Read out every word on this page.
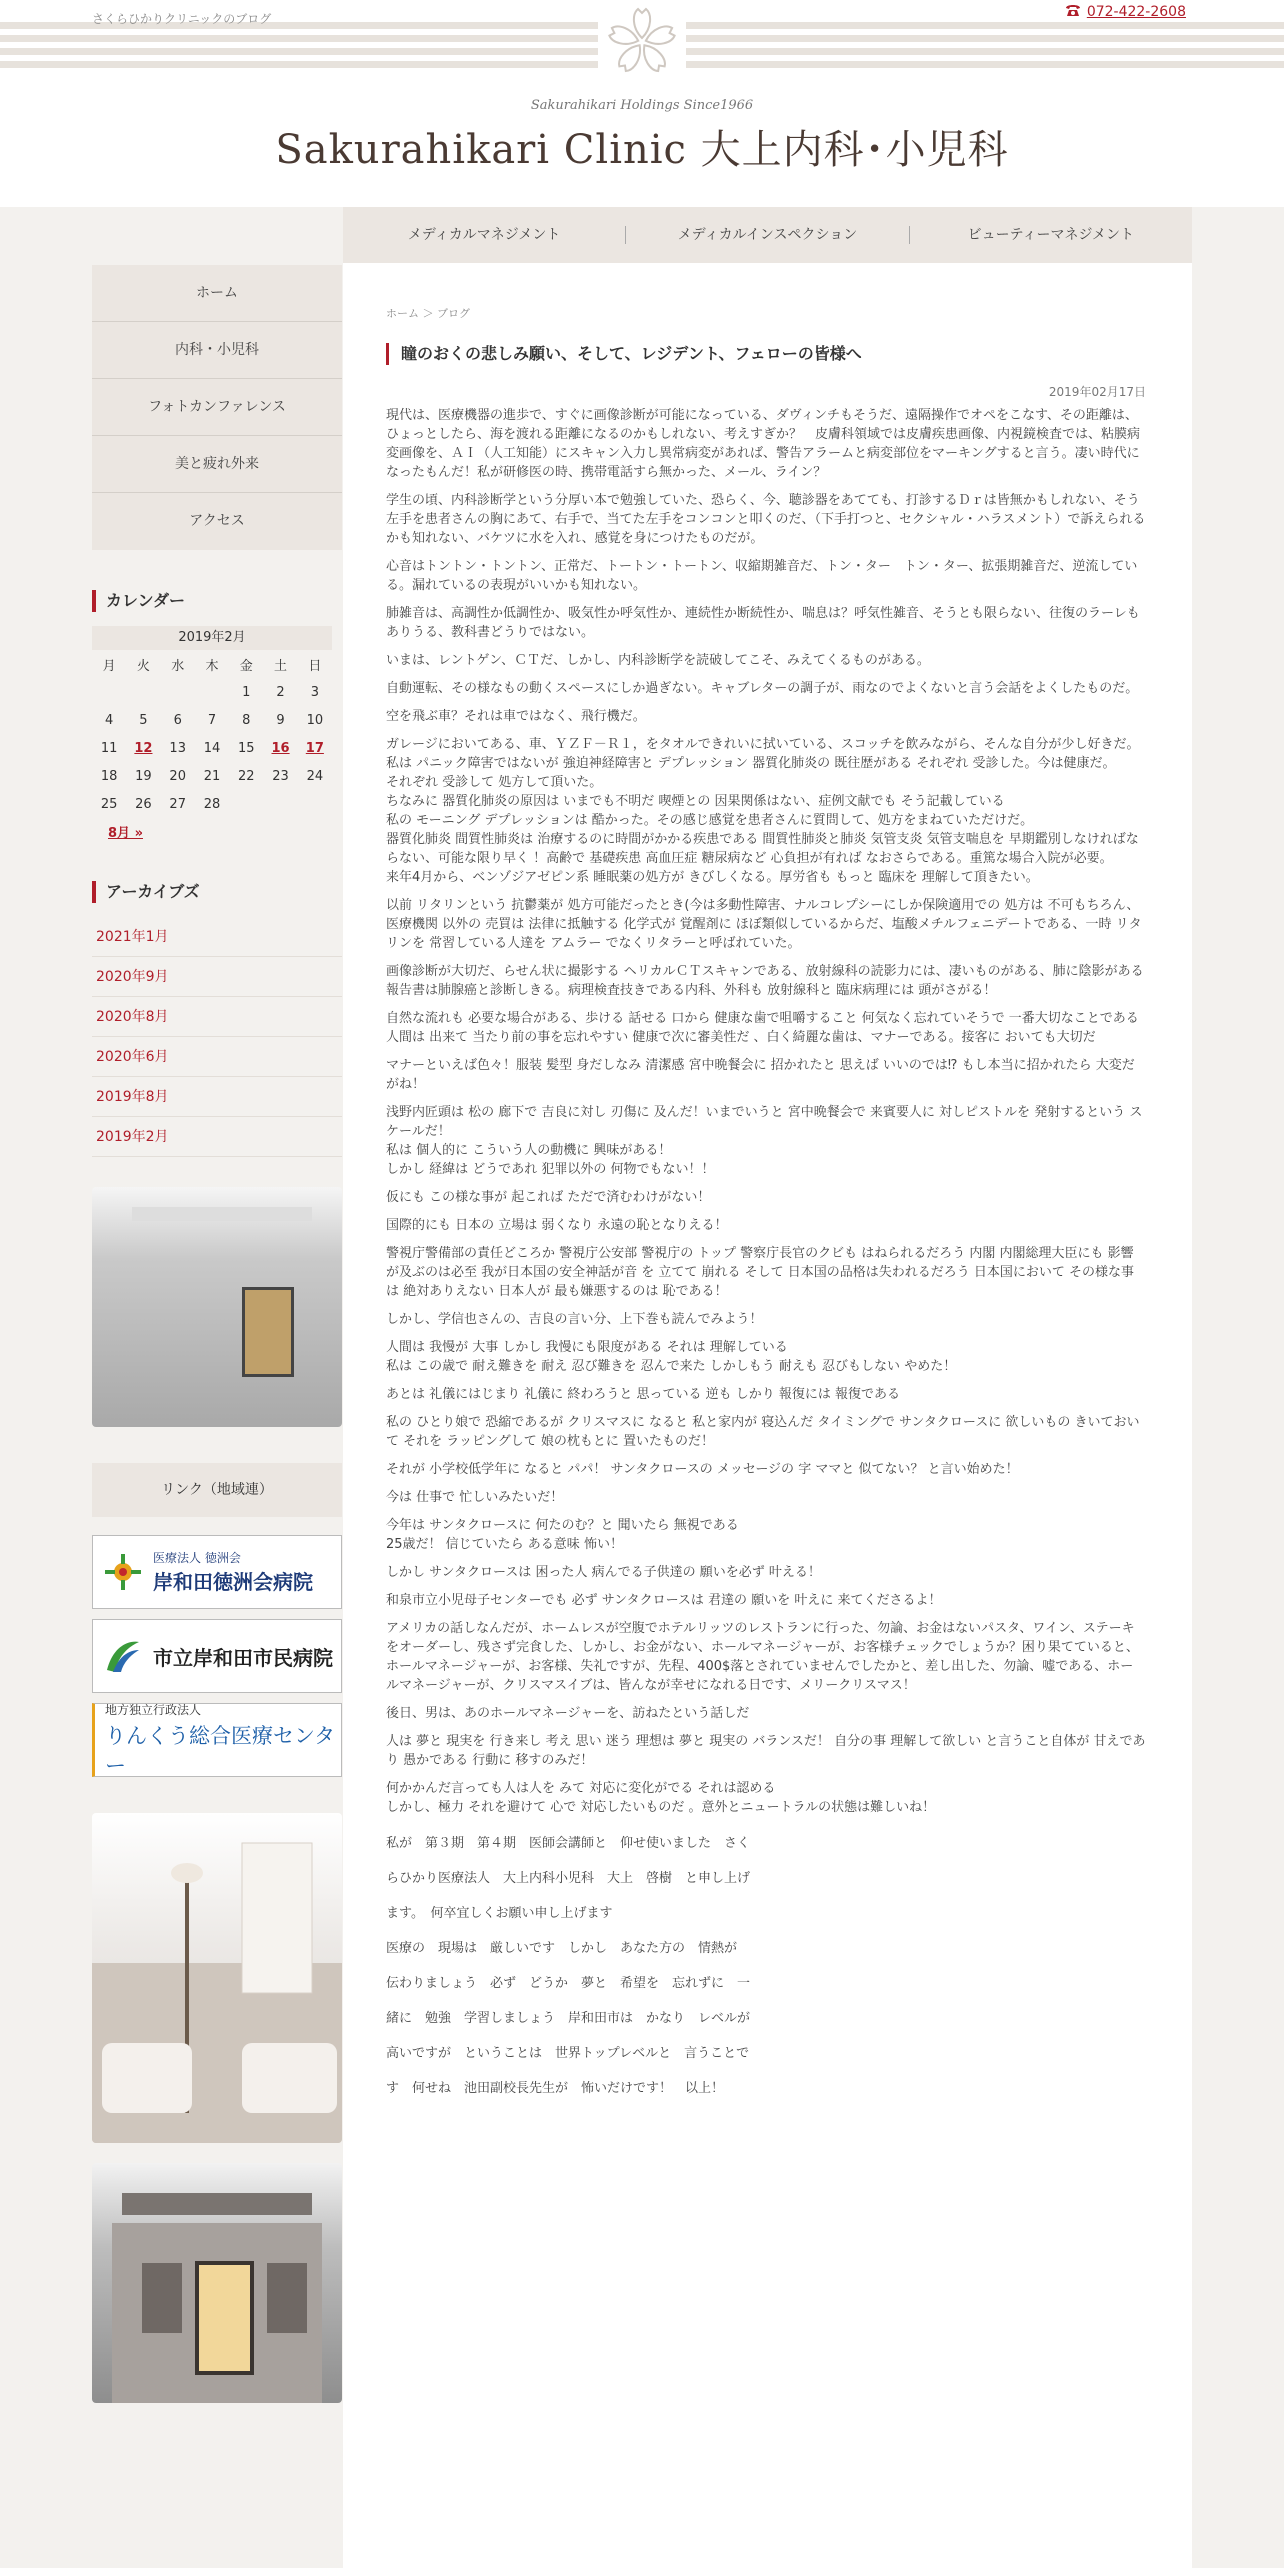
さくらひかりクリニックのブログ	072-422-2608
Sakurahikari Holdings Since1966
Sakurahikari Clinic 大上内科･小児科
メディカルマネジメント	メディカルインスペクション	ビューティーマネジメント
ホーム
内科・小児科
フォトカンファレンス
美と疲れ外来
アクセス
カレンダー
2019年2月
月	火	水	木	金	土	日
				1	2	3
4	5	6	7	8	9	10
11	12	13	14	15	16	17
18	19	20	21	22	23	24
25	26	27	28			
8月 »
アーカイブズ
2021年1月
2020年9月
2020年8月
2020年6月
2019年8月
2019年2月
リンク（地域連）
医療法人 徳洲会
岸和田徳洲会病院
市立岸和田市民病院
地方独立行政法人
りんくう総合医療センター
ホーム ＞ ブログ
瞳のおくの悲しみ願い、そして、レジデント、フェローの皆様へ
2019年02月17日

現代は、医療機器の進歩で、すぐに画像診断が可能になっている、ダヴィンチもそうだ、遠隔操作でオペをこなす、その距離は、ひょっとしたら、海を渡れる距離になるのかもしれない、考えすぎか？　皮膚科領域では皮膚疾患画像、内視鏡検査では、粘膜病変画像を、ＡＩ（人工知能）にスキャン入力し異常病変があれば、警告アラームと病変部位をマーキングすると言う。凄い時代になったもんだ！私が研修医の時、携帯電話すら無かった、メール、ライン？

学生の頃、内科診断学という分厚い本で勉強していた、恐らく、今、聴診器をあてても、打診するＤｒは皆無かもしれない、そう左手を患者さんの胸にあて、右手で、当てた左手をコンコンと叩くのだ、（下手打つと、セクシャル・ハラスメント）で訴えられるかも知れない、バケツに水を入れ、感覚を身につけたものだが。

心音はトントン・トントン、正常だ、トートン・トートン、収縮期雑音だ、トン・ター　トン・ター、拡張期雑音だ、逆流している。漏れているの表現がいいかも知れない。

肺雑音は、高調性か低調性か、吸気性か呼気性か、連続性か断続性か、喘息は？呼気性雑音、そうとも限らない、往復のラーレもありうる、教科書どうりではない。

いまは、レントゲン、ＣＴだ、しかし、内科診断学を読破してこそ、みえてくるものがある。

自動運転、その様なもの動くスペースにしか過ぎない。キャブレターの調子が、雨なのでよくないと言う会話をよくしたものだ。

空を飛ぶ車？それは車ではなく、飛行機だ。

ガレージにおいてある、車、ＹＺＦ－Ｒ１，をタオルできれいに拭いている、スコッチを飲みながら、そんな自分が少し好きだ。
私は パニック障害ではないが 強迫神経障害と デプレッション 器質化肺炎の 既往歴がある それぞれ 受診した。今は健康だ。
それぞれ 受診して 処方して頂いた。
ちなみに 器質化肺炎の原因は いまでも不明だ 喫煙との 因果関係はない、症例文献でも そう記載している
私の モーニング デプレッションは 酷かった。その感じ感覚を患者さんに質問して、処方をまねていただけだ。
器質化肺炎 間質性肺炎は 治療するのに時間がかかる疾患である 間質性肺炎と肺炎 気管支炎 気管支喘息を 早期鑑別しなければならない、可能な限り早く ！高齢で 基礎疾患 高血圧症 糖尿病など 心負担が有れば なおさらである。重篤な場合入院が必要。
来年4月から、ベンゾジアゼピン系 睡眠薬の処方が きびしくなる。厚労省も もっと 臨床を 理解して頂きたい。

以前 リタリンという 抗鬱薬が 処方可能だったとき(今は多動性障害、ナルコレプシーにしか保険適用での 処方は 不可もちろん、医療機関 以外の 売買は 法律に抵触する 化学式が 覚醒剤に ほぼ類似しているからだ、塩酸メチルフェニデートである、一時 リタリンを 常習している人達を アムラー でなくリタラーと呼ばれていた。

画像診断が大切だ、らせん状に撮影する ヘリカルＣＴスキャンである、放射線科の読影力には、凄いものがある、肺に陰影がある 報告書は肺腺癌と診断しきる。病理検査技きである内科、外科も 放射線科と 臨床病理には 頭がさがる！

自然な流れも 必要な場合がある、歩ける 話せる 口から 健康な歯で咀嚼すること 何気なく忘れていそうで 一番大切なことである
人間は 出来て 当たり前の事を忘れやすい 健康で次に審美性だ 、白く綺麗な歯は、マナーである。接客に おいても大切だ

マナーといえば色々！服装 髪型 身だしなみ 清潔感 宮中晩餐会に 招かれたと 思えば いいのでは⁉ もし本当に招かれたら 大変だがね！

浅野内匠頭は 松の 廊下で 吉良に対し 刃傷に 及んだ！いまでいうと 宮中晩餐会で 来賓要人に 対しピストルを 発射するという スケールだ！
私は 個人的に こういう人の動機に 興味がある！
しかし 経緯は どうであれ 犯罪以外の 何物でもない！！

仮にも この様な事が 起これば ただで済むわけがない！

国際的にも 日本の 立場は 弱くなり 永遠の恥となりえる！

警視庁警備部の責任どころか 警視庁公安部 警視庁の トップ 警察庁長官のクビも はねられるだろう 内閣 内閣総理大臣にも 影響が及ぶのは必至 我が日本国の安全神話が音 を 立てて 崩れる そして 日本国の品格は失われるだろう 日本国において その様な事は 絶対ありえない 日本人が 最も嫌悪するのは 恥である！

しかし、学信也さんの、吉良の言い分、上下巻も読んでみよう！

人間は 我慢が 大事 しかし 我慢にも限度がある それは 理解している
私は この歳で 耐え難きを 耐え 忍び難きを 忍んで来た しかしもう 耐えも 忍びもしない やめた！

あとは 礼儀にはじまり 礼儀に 終わろうと 思っている 逆も しかり 報復には 報復である

私の ひとり娘で 恐縮であるが クリスマスに なると 私と家内が 寝込んだ タイミングで サンタクロースに 欲しいもの きいておいて それを ラッピングして 娘の枕もとに 置いたものだ！

それが 小学校低学年に なると パパ！ サンタクロースの メッセージの 字 ママと 似てない？ と言い始めた！

今は 仕事で 忙しいみたいだ！

今年は サンタクロースに 何たのむ？と 聞いたら 無視である
25歳だ！ 信じていたら ある意味 怖い！

しかし サンタクロースは 困った人 病んでる子供達の 願いを必ず 叶える！

和泉市立小児母子センターでも 必ず サンタクロースは 君達の 願いを 叶えに 来てくださるよ！

アメリカの話しなんだが、ホームレスが空腹でホテルリッツのレストランに行った、勿論、お金はないパスタ、ワイン、ステーキをオーダーし、残さず完食した、しかし、お金がない、ホールマネージャーが、お客様チェックでしょうか？困り果てていると、ホールマネージャーが、お客様、失礼ですが、先程、400$落とされていませんでしたかと、差し出した、勿論、嘘である、ホールマネージャーが、クリスマスイブは、皆んなが幸せになれる日です、メリークリスマス！

後日、男は、あのホールマネージャーを、訪ねたという話しだ

人は 夢と 現実を 行き来し 考え 思い 迷う 理想は 夢と 現実の バランスだ！ 自分の事 理解して欲しい と言うこと自体が 甘えであり 愚かである 行動に 移すのみだ！

何かかんだ言っても人は人を みて 対応に変化がでる それは認める
しかし、極力 それを避けて 心で 対応したいものだ 。意外とニュートラルの状態は難しいね！

私が　第３期　第４期　医師会講師と　仰せ使いました　さく

らひかり医療法人　大上内科小児科　大上　啓樹　と申し上げ

ます。　何卒宜しくお願い申し上げます

医療の　現場は　厳しいです　しかし　あなた方の　情熱が

伝わりましょう　必ず　どうか　夢と　希望を　忘れずに　一

緒に　勉強　学習しましょう　岸和田市は　かなり　レベルが

高いですが　ということは　世界トップレベルと　言うことで

す　何せね　池田副校長先生が　怖いだけです！　以上！
